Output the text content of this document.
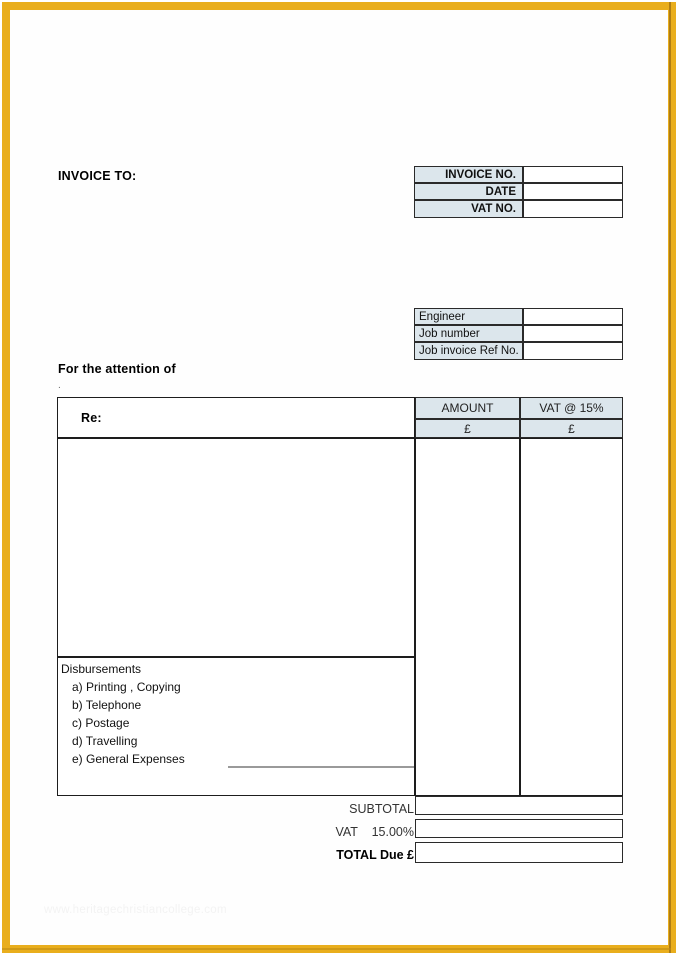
INVOICE TO:	INVOICE NO.
DATE
VAT NO.
Engineer
Job number
Job invoice Ref No.
For the attention of
.
Re:
AMOUNT	VAT @ 15%
£	£
Disbursements
a) Printing , Copying
b) Telephone
c) Postage
d) Travelling
e) General Expenses
SUBTOTAL
VAT    15.00%
TOTAL Due £
www.heritagechristiancollege.com
